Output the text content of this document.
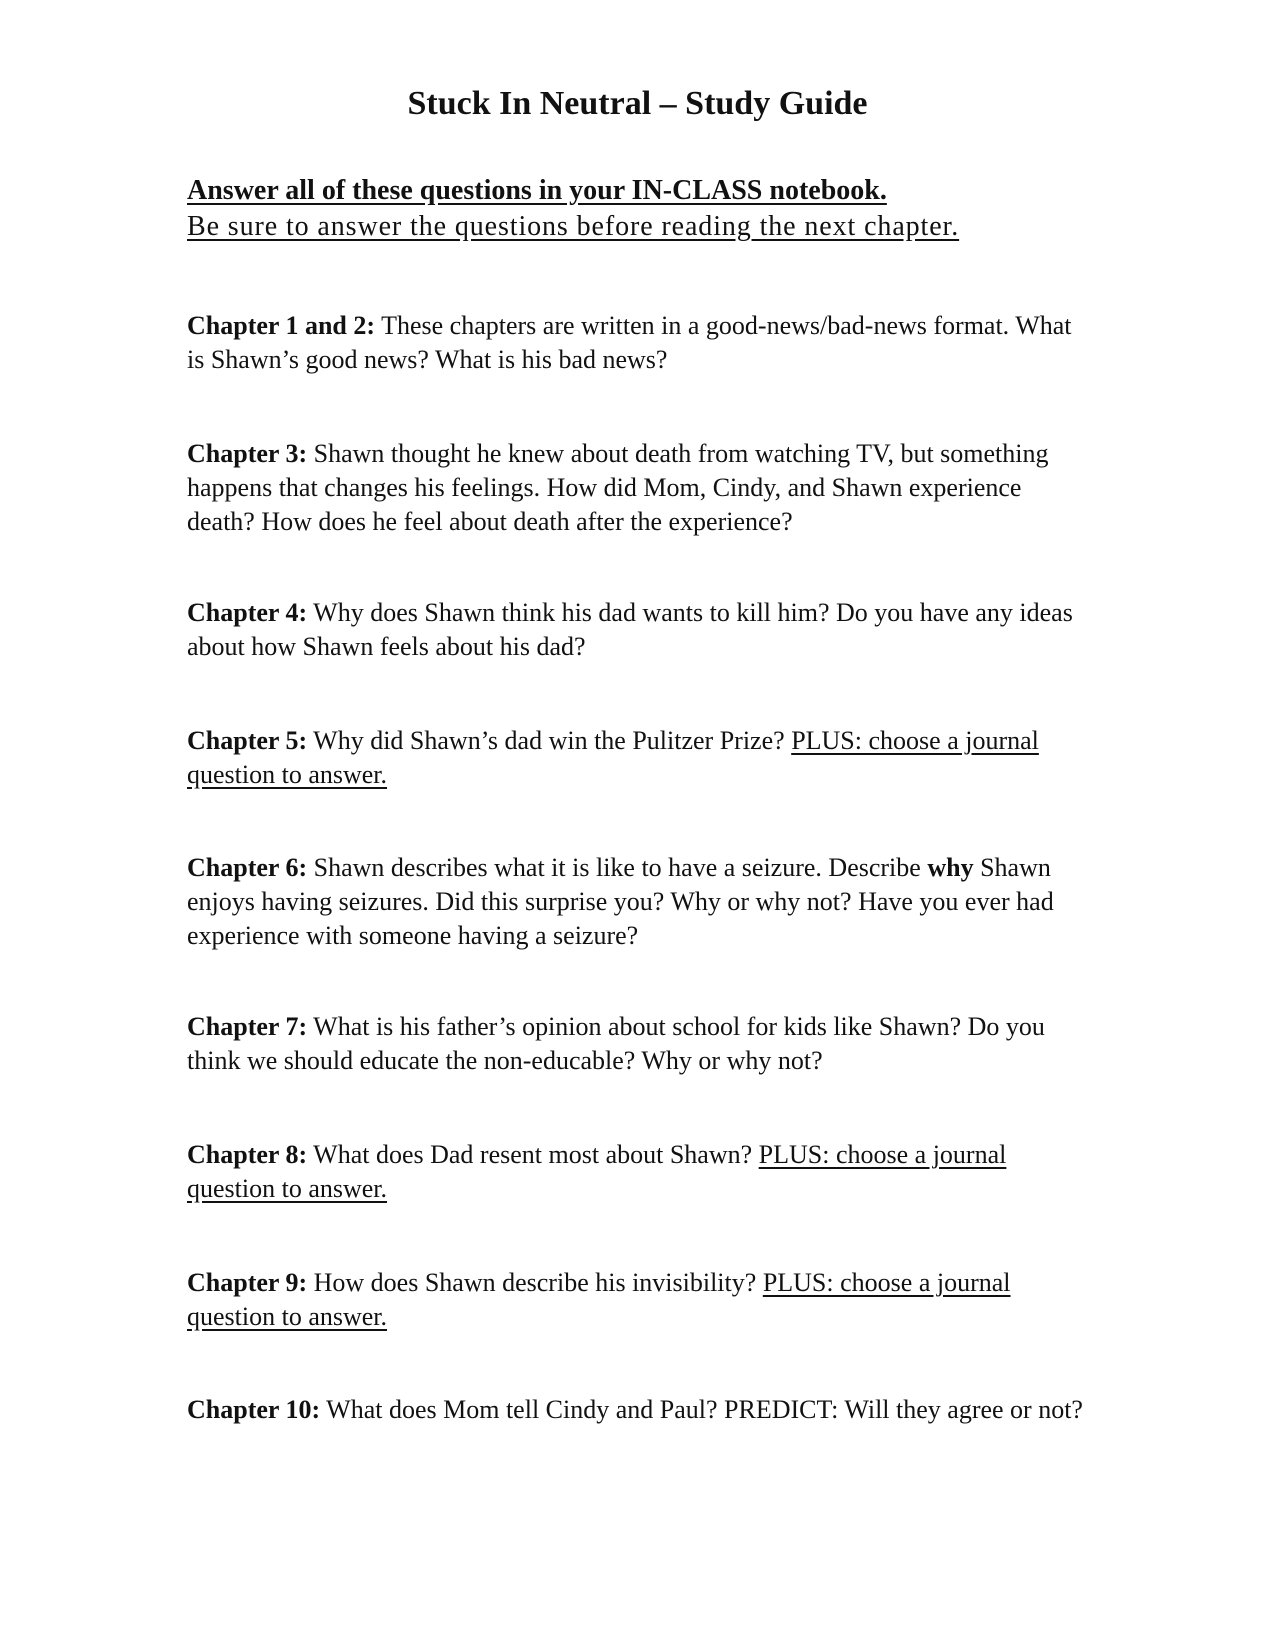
Stuck In Neutral – Study Guide
Answer all of these questions in your IN-CLASS notebook.
Be sure to answer the questions before reading the next chapter.

Chapter 1 and 2: These chapters are written in a good-news/bad-news format. What is Shawn’s good news? What is his bad news?

Chapter 3: Shawn thought he knew about death from watching TV, but something happens that changes his feelings. How did Mom, Cindy, and Shawn experience death? How does he feel about death after the experience?

Chapter 4: Why does Shawn think his dad wants to kill him? Do you have any ideas about how Shawn feels about his dad?

Chapter 5: Why did Shawn’s dad win the Pulitzer Prize? PLUS: choose a journal question to answer.

Chapter 6: Shawn describes what it is like to have a seizure. Describe why Shawn enjoys having seizures. Did this surprise you? Why or why not? Have you ever had experience with someone having a seizure?

Chapter 7: What is his father’s opinion about school for kids like Shawn? Do you think we should educate the non-educable? Why or why not?

Chapter 8: What does Dad resent most about Shawn? PLUS: choose a journal question to answer.

Chapter 9: How does Shawn describe his invisibility? PLUS: choose a journal question to answer.

Chapter 10: What does Mom tell Cindy and Paul? PREDICT: Will they agree or not?
